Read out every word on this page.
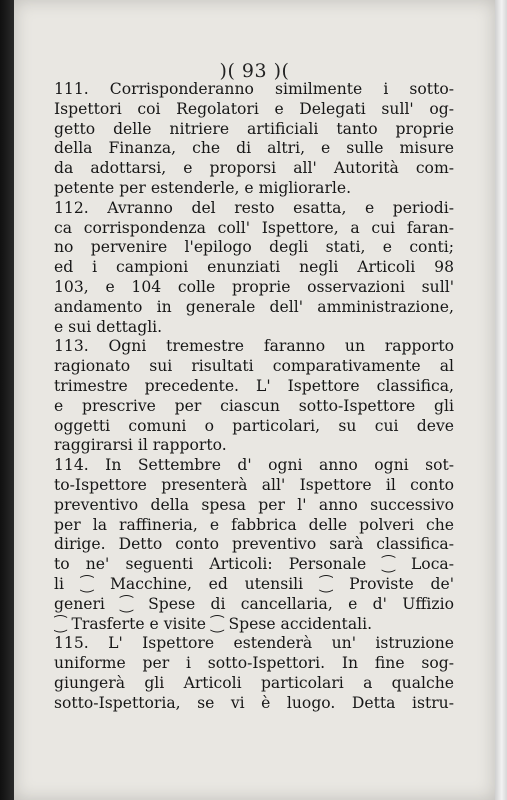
)( 93 )(
111. Corrisponderanno similmente i sotto-
Ispettori coi Regolatori e Delegati sull' og-
getto delle nitriere artificiali tanto proprie
della Finanza, che di altri, e sulle misure
da adottarsi, e proporsi all' Autorità com-
petente per estenderle, e migliorarle.
112. Avranno del resto esatta, e periodi-
ca corrispondenza coll' Ispettore, a cui faran-
no pervenire l'epilogo degli stati, e conti;
ed i campioni enunziati negli Articoli 98
103, e 104 colle proprie osservazioni sull'
andamento in generale dell' amministrazione,
e sui dettagli.
113. Ogni tremestre faranno un rapporto
ragionato sui risultati comparativamente al
trimestre precedente. L' Ispettore classifica,
e prescrive per ciascun sotto-Ispettore gli
oggetti comuni o particolari, su cui deve
raggirarsi il rapporto.
114. In Settembre d' ogni anno ogni sot-
to-Ispettore presenterà all' Ispettore il conto
preventivo della spesa per l' anno successivo
per la raffineria, e fabbrica delle polveri che
dirige. Detto conto preventivo sarà classifica-
to ne' seguenti Articoli: Personale ⁐ Loca-
li ⁐ Macchine, ed utensili ⁐ Proviste de'
generi ⁐ Spese di cancellaria, e d' Uffizio
⁐ Trasferte e visite ⁐ Spese accidentali.
115. L' Ispettore estenderà un' istruzione
uniforme per i sotto-Ispettori. In fine sog-
giungerà gli Articoli particolari a qualche
sotto-Ispettoria, se vi è luogo. Detta istru-
